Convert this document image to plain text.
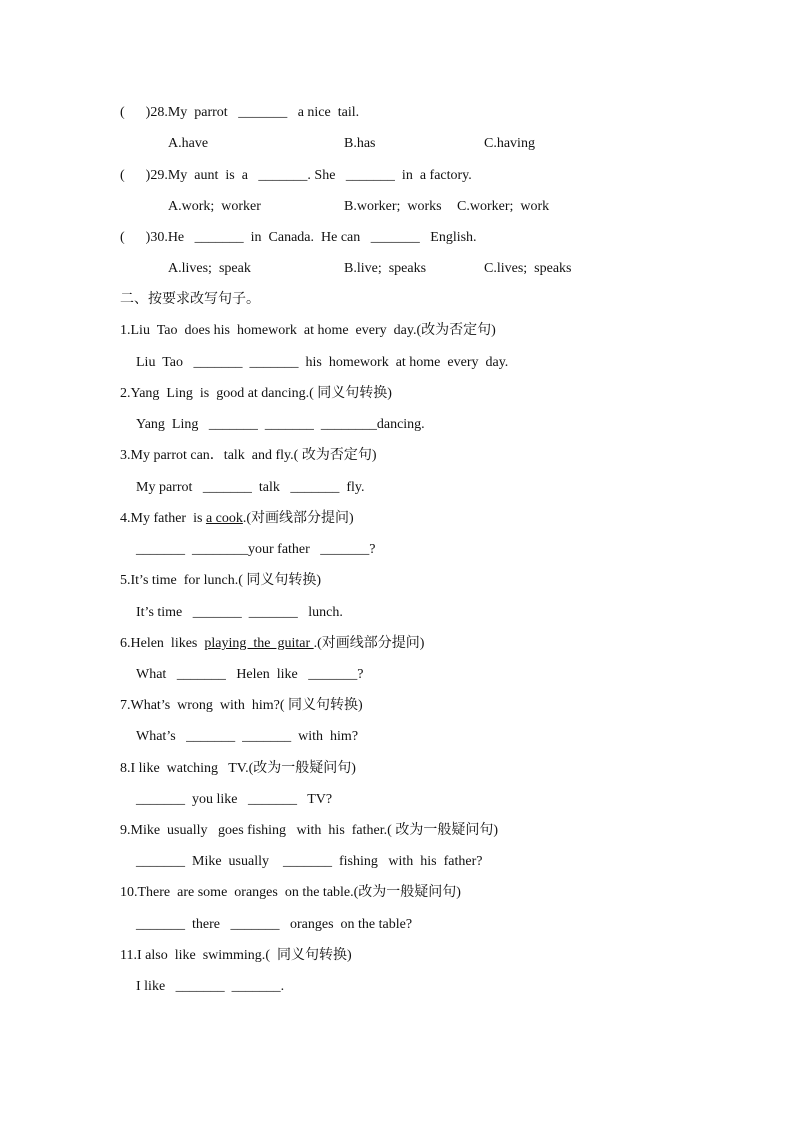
(      )28.My  parrot   _______   a nice  tail.
A.have	B.has	C.having
(      )29.My  aunt  is  a   _______. She   _______  in  a factory.
A.work;  worker	B.worker;  works C.worker;  work
(      )30.He   _______  in  Canada.  He can   _______   English.
A.lives;  speak	B.live;  speaks	C.lives;  speaks
二、按要求改写句子。
1.Liu  Tao  does his  homework  at home  every  day.(改为否定句)
Liu  Tao   _______  _______  his  homework  at home  every  day.
2.Yang  Ling  is  good at dancing.( 同义句转换)
Yang  Ling   _______  _______  ________dancing.
3.My parrot can．talk  and fly.( 改为否定句)
My parrot   _______  talk   _______  fly.
4.My father  is a cook.(对画线部分提问)
_______  ________your father   _______?
5.It’s time  for lunch.( 同义句转换)
It’s time   _______  _______   lunch.
6.Helen  likes  playing  the  guitar .(对画线部分提问)
What   _______   Helen  like   _______?
7.What’s  wrong  with  him?( 同义句转换)
What’s   _______  _______  with  him?
8.I like  watching   TV.(改为一般疑问句)
_______  you like   _______   TV?
9.Mike  usually   goes fishing   with  his  father.( 改为一般疑问句)
_______  Mike  usually    _______  fishing   with  his  father?
10.There  are some  oranges  on the table.(改为一般疑问句)
_______  there   _______   oranges  on the table?
11.I also  like  swimming.(  同义句转换)
I like   _______  _______.
